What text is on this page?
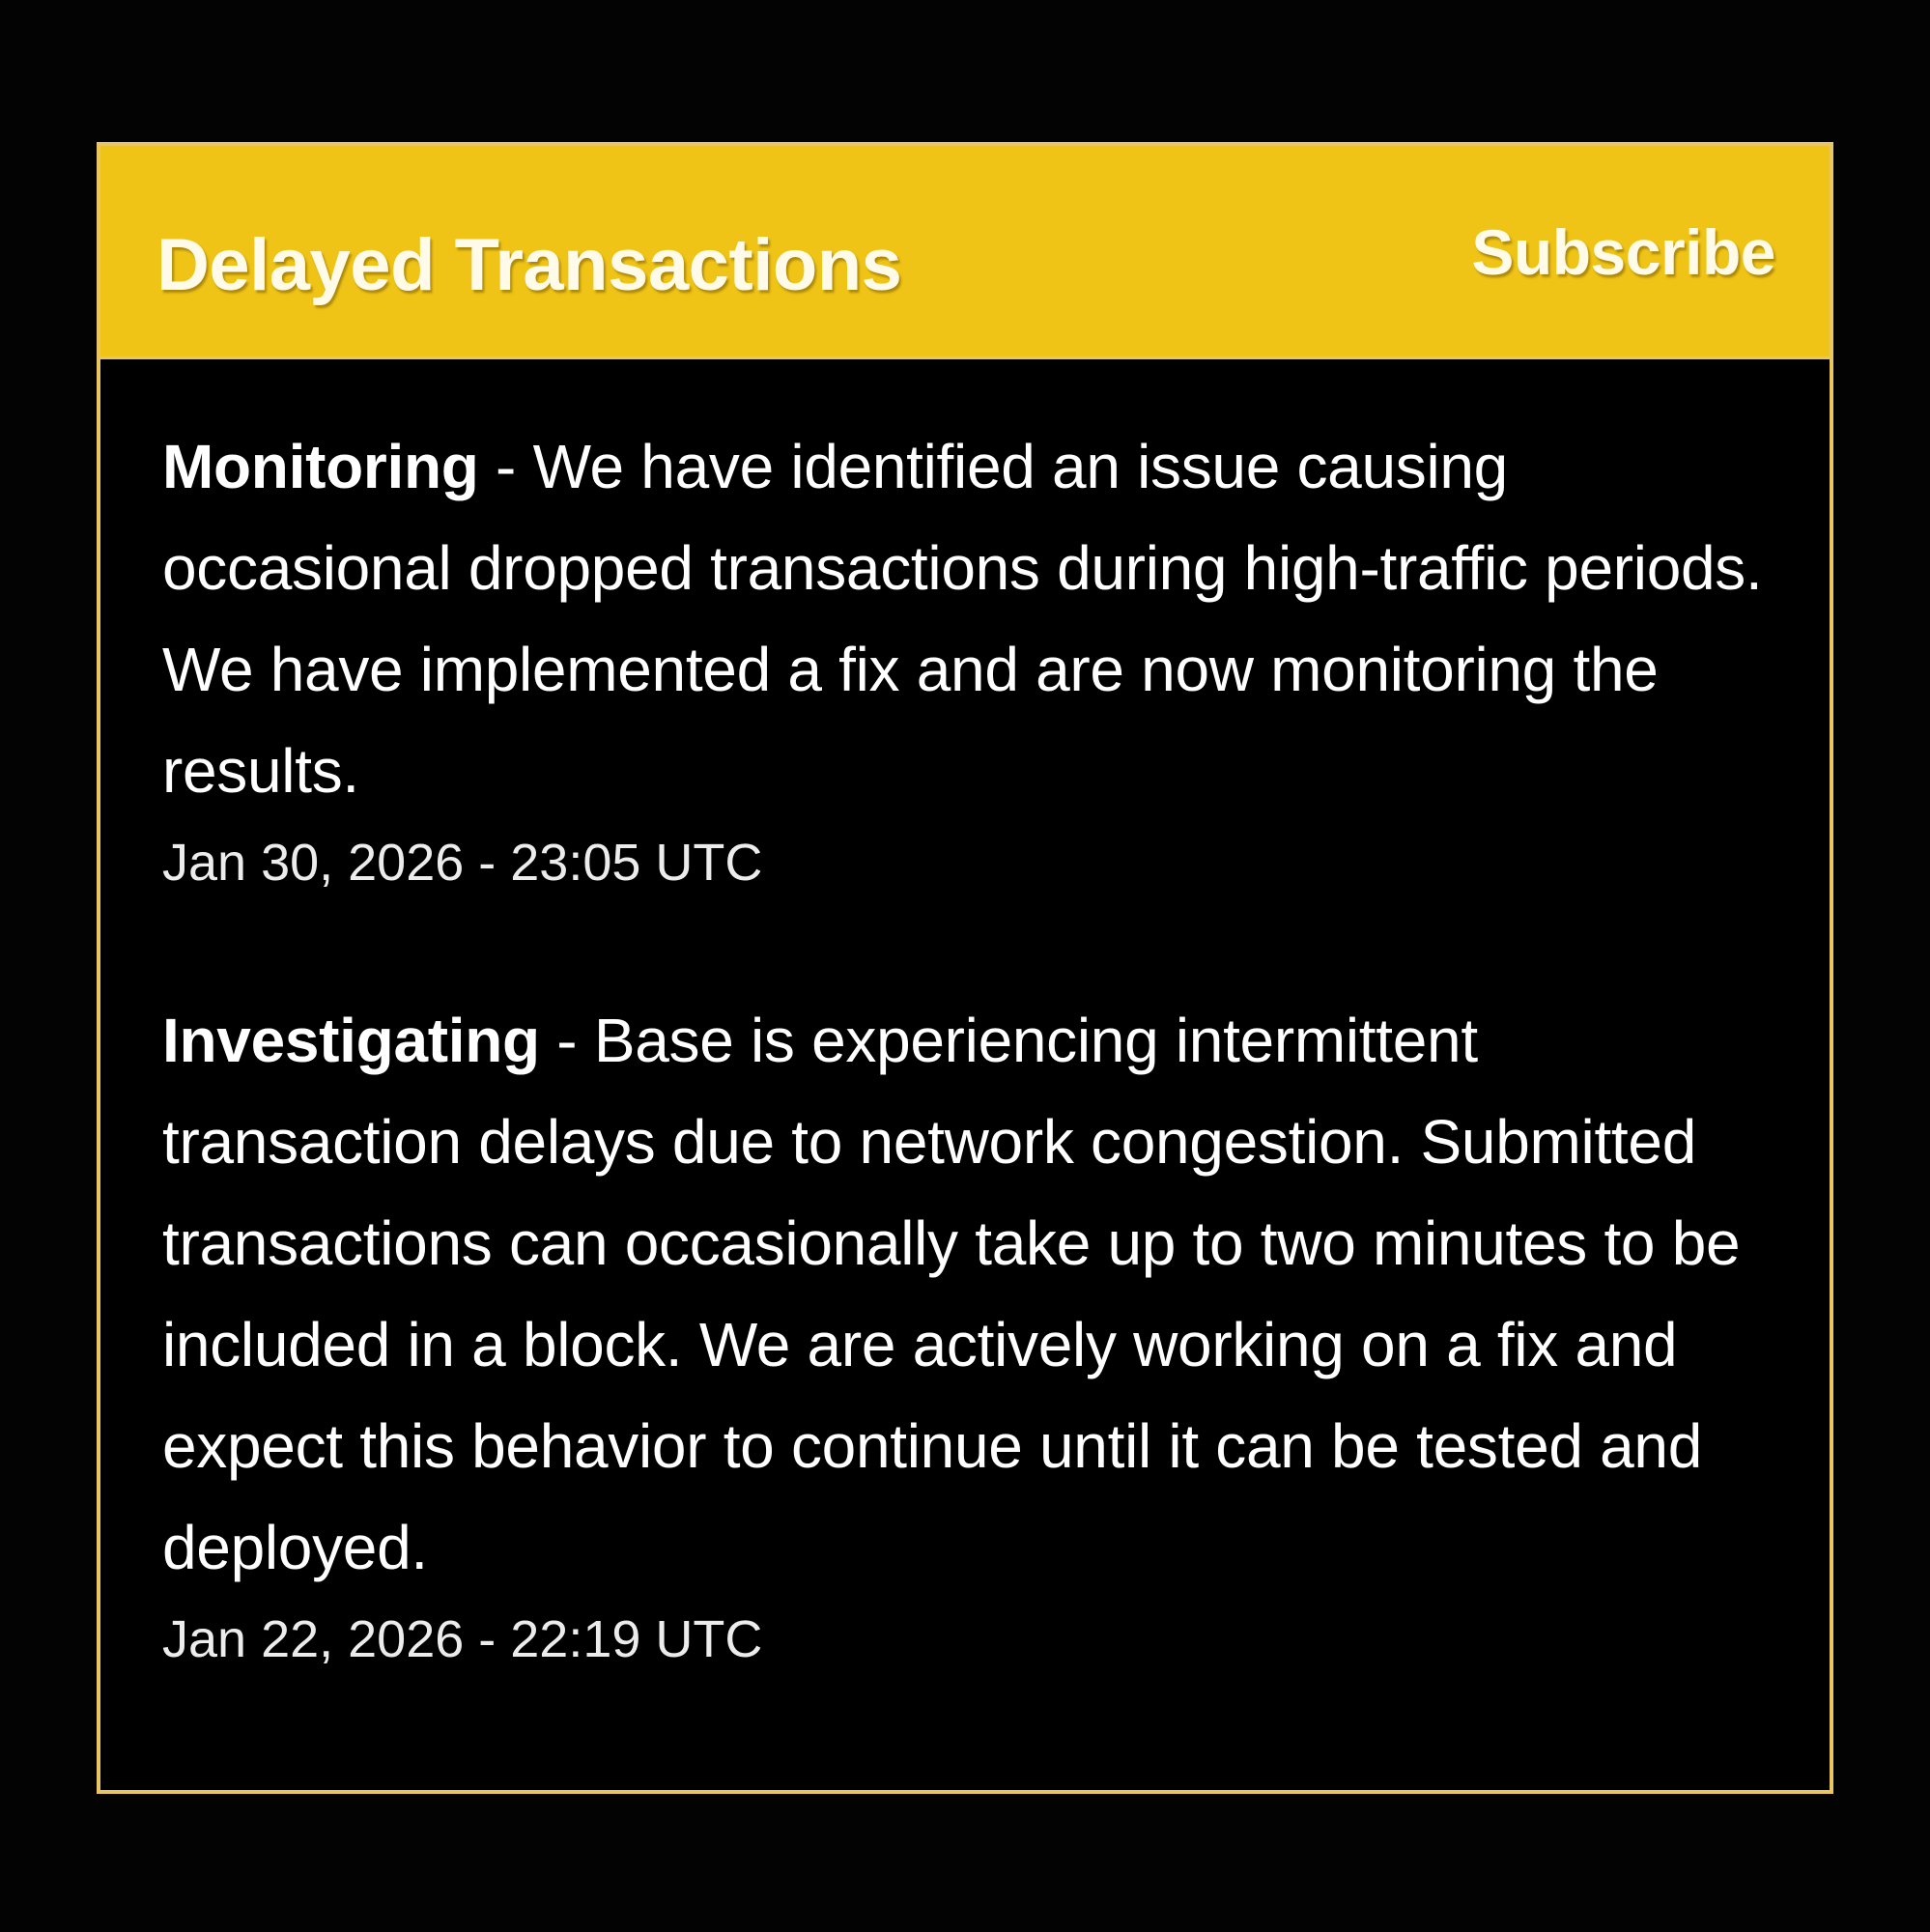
Delayed Transactions	Subscribe
Monitoring - We have identified an issue causing occasional dropped transactions during high-traffic periods. We have implemented a fix and are now monitoring the results.
Jan 30, 2026 - 23:05 UTC
Investigating - Base is experiencing intermittent transaction delays due to network congestion. Submitted transactions can occasionally take up to two minutes to be included in a block. We are actively working on a fix and expect this behavior to continue until it can be tested and deployed.
Jan 22, 2026 - 22:19 UTC
